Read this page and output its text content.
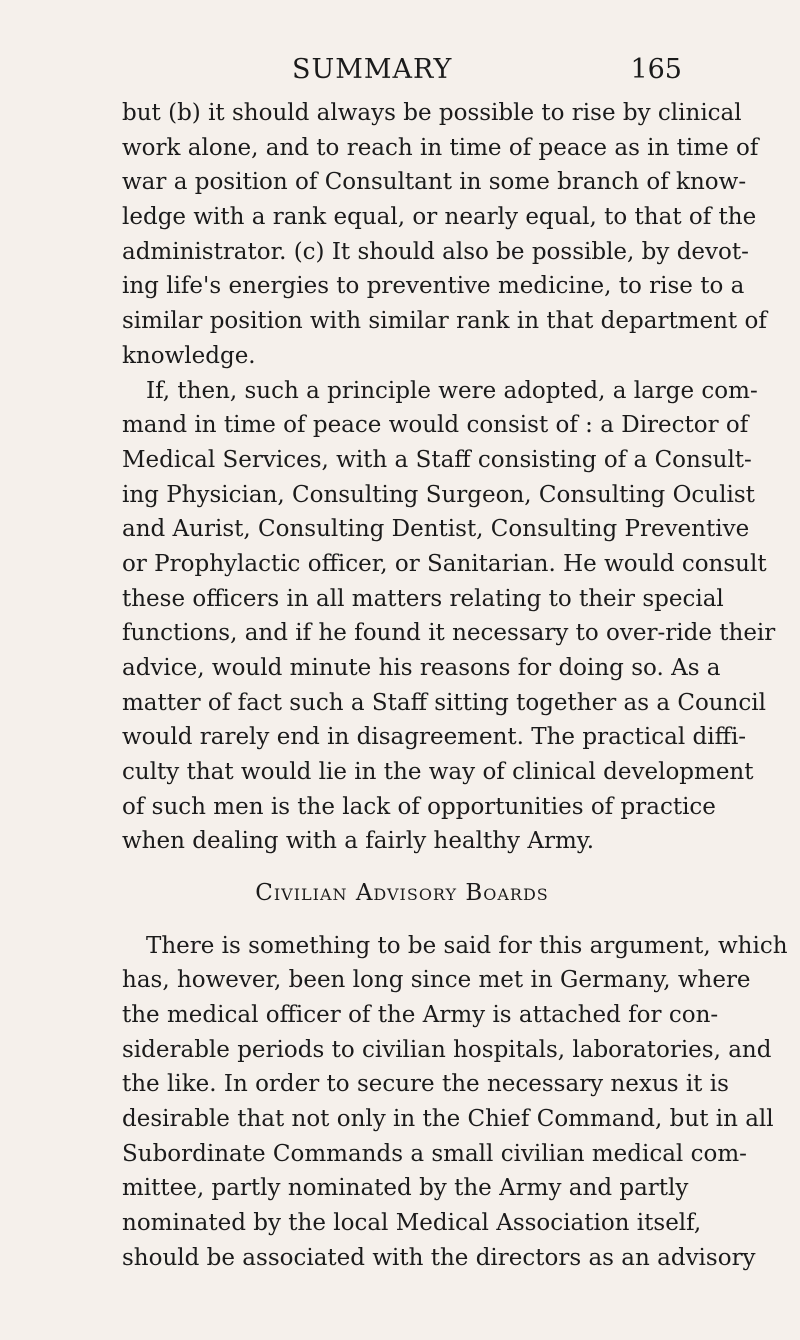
SUMMARY	165
but (b) it should always be possible to rise by clinical
work alone, and to reach in time of peace as in time of
war a position of Consultant in some branch of know-
ledge with a rank equal, or nearly equal, to that of the
administrator. (c) It should also be possible, by devot-
ing life's energies to preventive medicine, to rise to a
similar position with similar rank in that department of
knowledge.
If, then, such a principle were adopted, a large com-
mand in time of peace would consist of : a Director of
Medical Services, with a Staff consisting of a Consult-
ing Physician, Consulting Surgeon, Consulting Oculist
and Aurist, Consulting Dentist, Consulting Preventive
or Prophylactic officer, or Sanitarian. He would consult
these officers in all matters relating to their special
functions, and if he found it necessary to over-ride their
advice, would minute his reasons for doing so. As a
matter of fact such a Staff sitting together as a Council
would rarely end in disagreement. The practical diffi-
culty that would lie in the way of clinical development
of such men is the lack of opportunities of practice
when dealing with a fairly healthy Army.
Civilian Advisory Boards
There is something to be said for this argument, which
has, however, been long since met in Germany, where
the medical officer of the Army is attached for con-
siderable periods to civilian hospitals, laboratories, and
the like. In order to secure the necessary nexus it is
desirable that not only in the Chief Command, but in all
Subordinate Commands a small civilian medical com-
mittee, partly nominated by the Army and partly
nominated by the local Medical Association itself,
should be associated with the directors as an advisory
